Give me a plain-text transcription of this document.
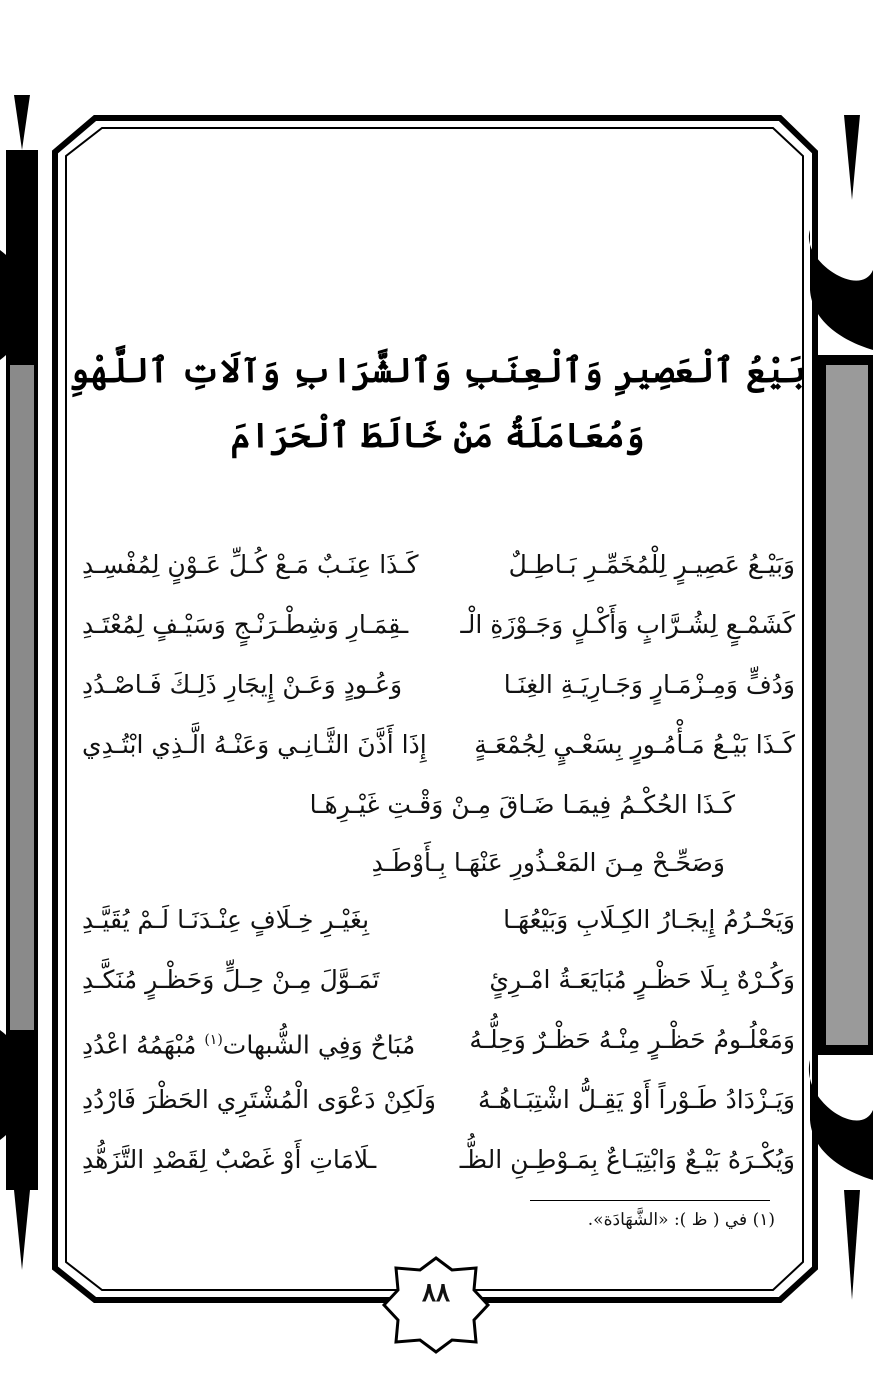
بَيْعُ ٱلْعَصِيرِ وَٱلْعِنَبِ وَٱلشَّرَابِ وَآلَاتِ ٱللَّهْوِ
وَمُعَامَلَةُ مَنْ خَالَطَ ٱلْحَرَامَ
وَبَيْـعُ عَصِيـرٍ لِلْمُخَمِّـرِ بَـاطِـلٌ
كَـذَا عِنَـبٌ مَـعْ كُـلِّ عَـوْنٍ لِمُفْسِـدِ
كَشَمْـعٍ لِشُـرَّابٍ وَأَكْـلٍ وَجَـوْزَةِ الْـ
ـقِمَـارِ وَشِطْـرَنْـجٍ وَسَيْـفٍ لِمُعْتَـدِ
وَدُفٍّ وَمِـزْمَـارٍ وَجَـارِيَـةِ الغِنَـا
وَعُـودٍ وَعَـنْ إِيجَارِ ذَلِـكَ فَـاصْـدُدِ
كَـذَا بَيْـعُ مَـأْمُـورٍ بِسَعْـيٍ لِجُمْعَـةٍ
إِذَا أَذَّنَ الثَّـانِـي وَعَنْـهُ الَّـذِي ابْتُـدِي
كَـذَا الحُكْـمُ فِيمَـا ضَـاقَ مِـنْ وَقْـتِ غَيْـرِهَـا
وَصَحِّـحْ مِـنَ المَعْـذُورِ عَنْهَـا بِـأَوْطَـدِ
وَيَحْـرُمُ إِيجَـارُ الكِـلَابِ وَبَيْعُهَـا
بِغَيْـرِ خِـلَافٍ عِنْـدَنَـا لَـمْ يُقَيَّـدِ
وَكُـرْهٌ بِـلَا حَظْـرٍ مُبَايَعَـةُ امْـرِئٍ
تَمَـوَّلَ مِـنْ حِـلٍّ وَحَظْـرٍ مُنَكَّـدِ
وَمَعْلُـومُ حَظْـرٍ مِنْـهُ حَظْـرٌ وَحِلُّـهُ
مُبَاحٌ وَفِي الشُّبهات$^{(١)}$ مُبْهَمُهُ اعْدُدِ
وَيَـزْدَادُ طَـوْراً أَوْ يَقِـلُّ اشْتِبَـاهُـهُ
وَلَكِنْ دَعْوَى الْمُشْتَرِي الحَظْرَ فَارْدُدِ
وَيُكْـرَهُ بَيْـعٌ وَابْتِيَـاعٌ بِمَـوْطِـنِ الظُّـ
ـلَامَاتِ أَوْ غَصْبٌ لِقَصْدِ التَّزَهُّدِ
(١) في ( ظ ): «الشَّهَادَة».
٨٨
